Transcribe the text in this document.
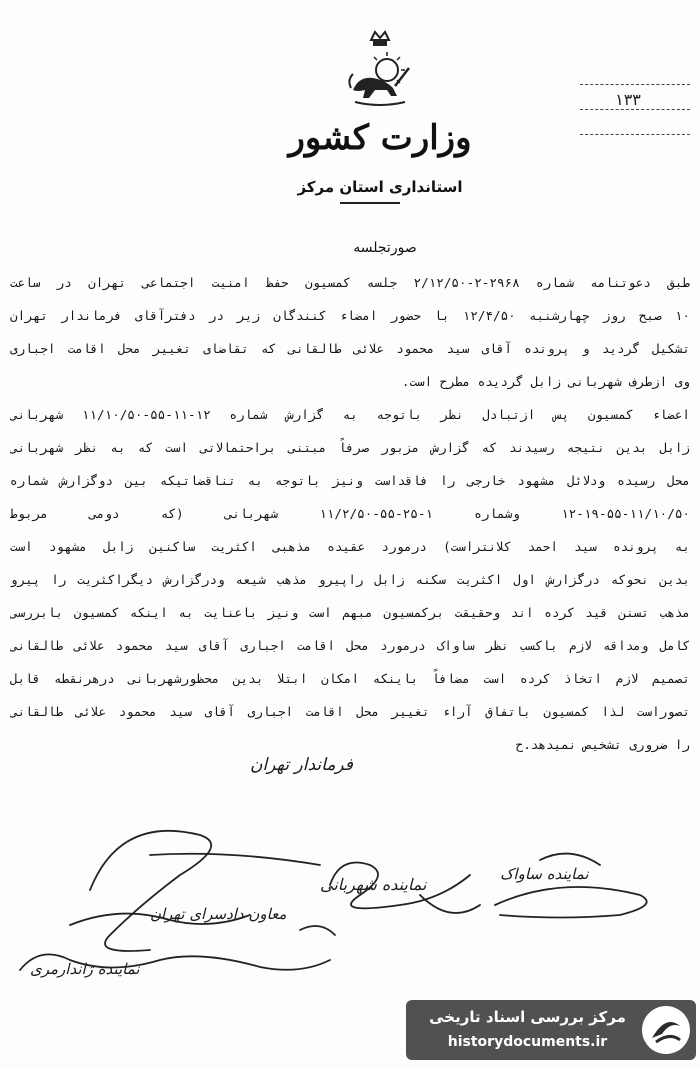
۱۳۳
وزارت کشور
استانداری استان مرکز
صورتجلسه
طبق دعوتنامه شماره ۲۹۶۸-۲-۲/۱۲/۵۰ جلسه کمسیون حفظ امنیت اجتماعی تهران در ساعت
۱۰ صبح روز چهارشنبه ۱۲/۴/۵۰ با حضور امضاء کنندگان زیر در دفترآقای فرماندار تهران
تشکیل گردید و پرونده آقای سید محمود علائی طالقانی که تقاضای تغییر محل اقامت اجباری
وی ازطرف شهربانی زابل گردیده مطرح است.
اعضاء کمسیون پس ازتبادل نظر باتوجه به گزارش شماره ۱۲-۱۱-۵۵-۱۱/۱۰/۵۰ شهربانی
زابل بدین نتیجه رسیدند که گزارش مزبور صرفاً مبتنی براحتمالاتی است که به نظر شهربانی
محل رسیده ودلائل مشهود خارجی را فاقداست ونیز باتوجه به تناقضاتیکه بین دوگزارش شماره
۱۲-۱۹-۵۵-۱۱/۱۰/۵۰ وشماره ۱-۲۵-۵۵-۱۱/۲/۵۰ شهربانی (که دومی مربوط
به پرونده سید احمد کلانتراست) درمورد عقیده مذهبی اکثریت ساکنین زابل مشهود است
بدین نحوکه درگزارش اول اکثریت سکنه زابل راپیرو مذهب شیعه ودرگزارش دیگراکثریت را پیرو
مذهب تسنن قید کرده اند وحقیقت برکمسیون مبهم است ونیز باعنایت به اینکه کمسیون بابررسی
کامل ومداقه لازم باکسب نظر ساواک درمورد محل اقامت اجباری آقای سید محمود علائی طالقانی
تصمیم لازم اتخاذ کرده است مضافاً باینکه امکان ابتلا بدین محظورشهربانی درهرنقطه قابل
تصوراست لذا کمسیون باتفاق آراء تغییر محل اقامت اجباری آقای سید محمود علائی طالقانی
را ضروری تشخیص نمیدهد.ح
فرماندار تهران
نماینده ساواک
معاون دادسرای تهران
نماینده شهربانی
نماینده ژاندارمری
مرکز بررسی اسناد تاریخی
historydocuments.ir
